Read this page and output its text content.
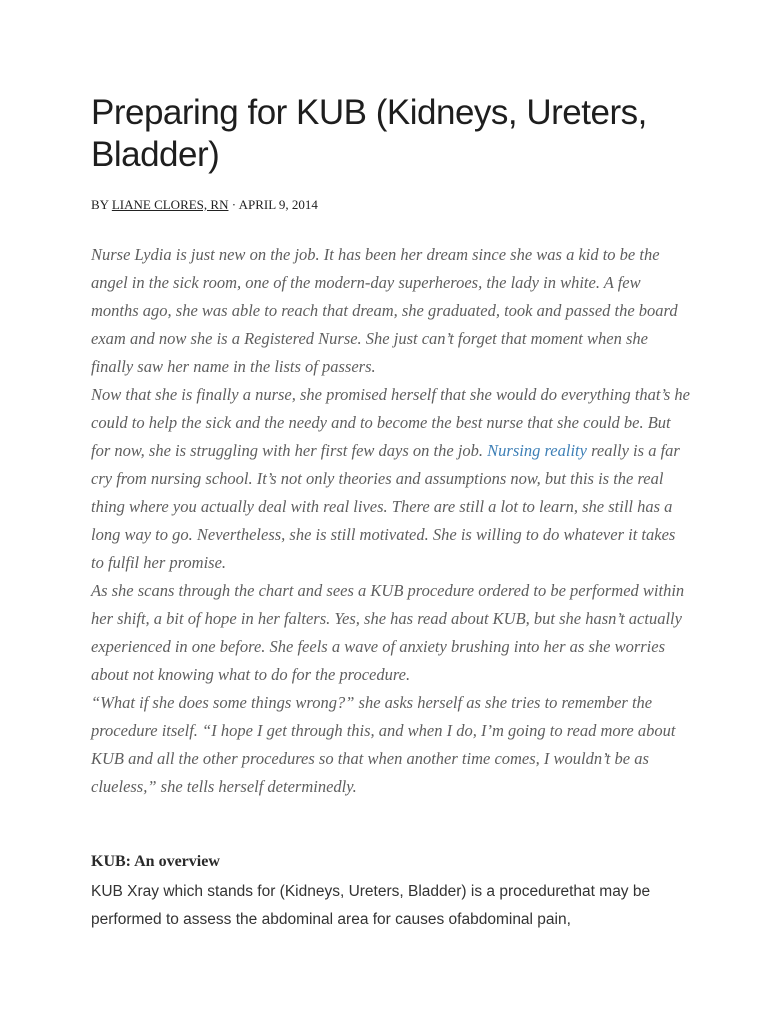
Preparing for KUB (Kidneys, Ureters, Bladder)
BY LIANE CLORES, RN · APRIL 9, 2014

Nurse Lydia is just new on the job. It has been her dream since she was a kid to be the angel in the sick room, one of the modern-day superheroes, the lady in white. A few months ago, she was able to reach that dream, she graduated, took and passed the board exam and now she is a Registered Nurse. She just can’t forget that moment when she finally saw her name in the lists of passers.

Now that she is finally a nurse, she promised herself that she would do everything that’s he could to help the sick and the needy and to become the best nurse that she could be. But for now, she is struggling with her first few days on the job. Nursing reality really is a far cry from nursing school. It’s not only theories and assumptions now, but this is the real thing where you actually deal with real lives. There are still a lot to learn, she still has a long way to go. Nevertheless, she is still motivated. She is willing to do whatever it takes to fulfil her promise.

As she scans through the chart and sees a KUB procedure ordered to be performed within her shift, a bit of hope in her falters. Yes, she has read about KUB, but she hasn’t actually experienced in one before. She feels a wave of anxiety brushing into her as she worries about not knowing what to do for the procedure.

“What if she does some things wrong?” she asks herself as she tries to remember the procedure itself. “I hope I get through this, and when I do, I’m going to read more about KUB and all the other procedures so that when another time comes, I wouldn’t be as clueless,” she tells herself determinedly.

KUB: An overview
KUB Xray which stands for (Kidneys, Ureters, Bladder) is a procedurethat may be performed to assess the abdominal area for causes ofabdominal pain,
